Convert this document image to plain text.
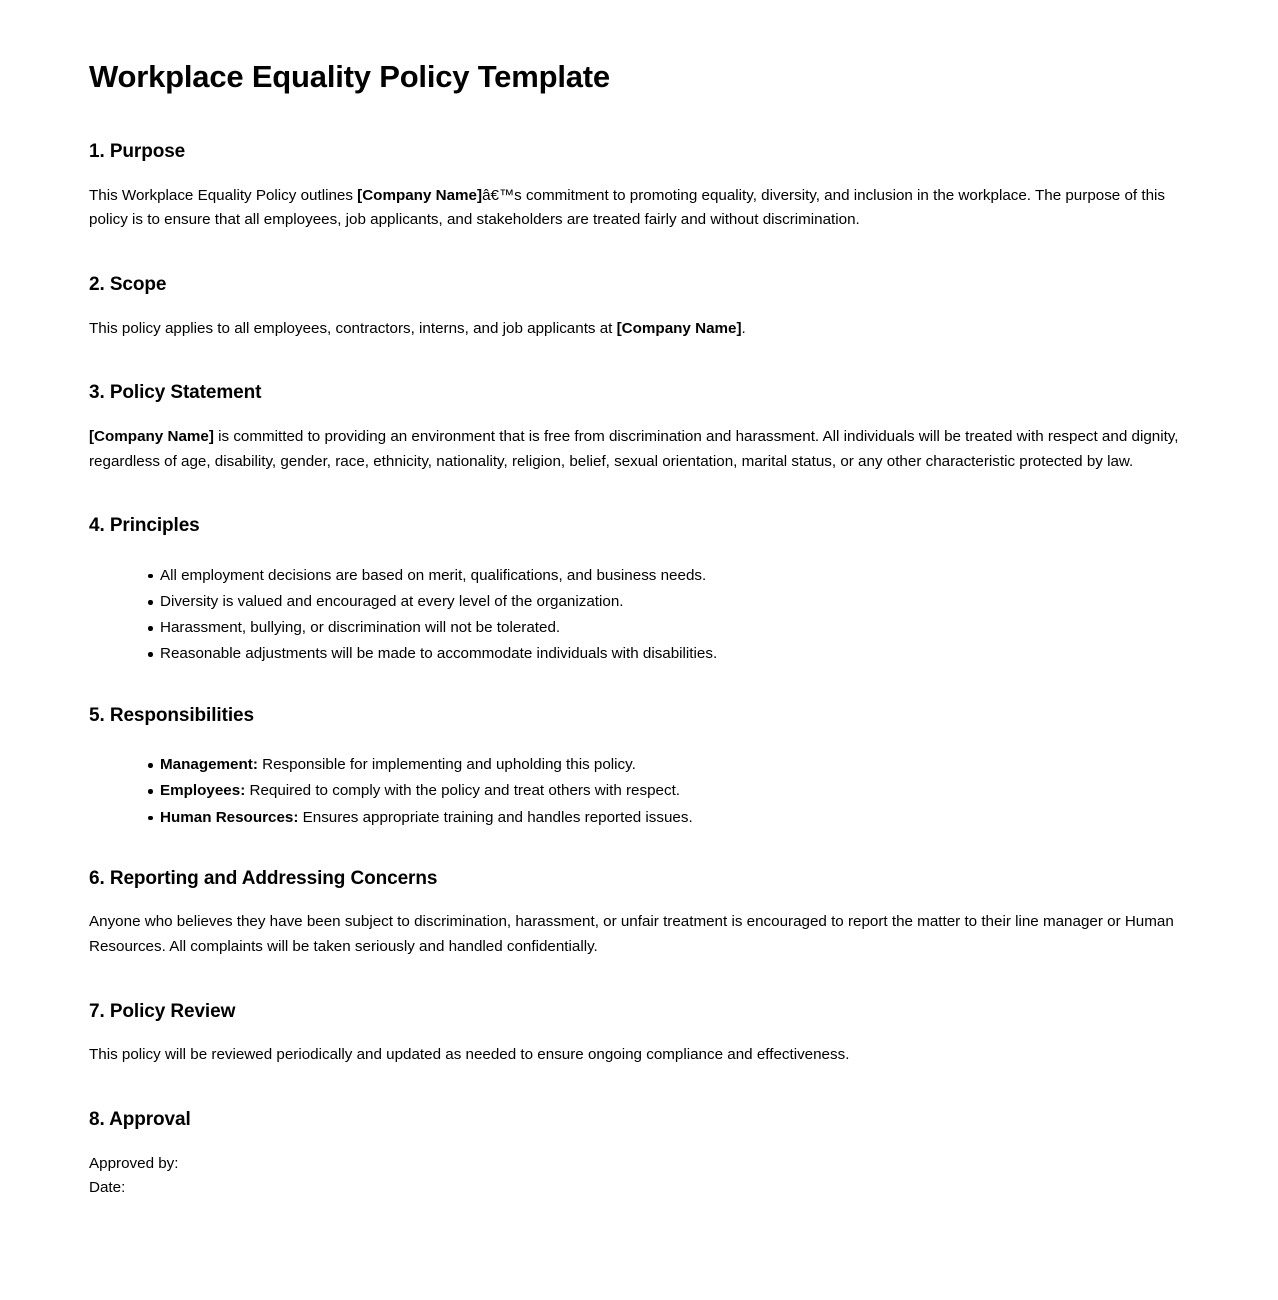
Workplace Equality Policy Template
1. Purpose

This Workplace Equality Policy outlines [Company Name]â€™s commitment to promoting equality, diversity, and inclusion in the workplace. The purpose of this policy is to ensure that all employees, job applicants, and stakeholders are treated fairly and without discrimination.

2. Scope

This policy applies to all employees, contractors, interns, and job applicants at [Company Name].

3. Policy Statement

[Company Name] is committed to providing an environment that is free from discrimination and harassment. All individuals will be treated with respect and dignity, regardless of age, disability, gender, race, ethnicity, nationality, religion, belief, sexual orientation, marital status, or any other characteristic protected by law.

4. Principles
All employment decisions are based on merit, qualifications, and business needs.
Diversity is valued and encouraged at every level of the organization.
Harassment, bullying, or discrimination will not be tolerated.
Reasonable adjustments will be made to accommodate individuals with disabilities.
5. Responsibilities
Management: Responsible for implementing and upholding this policy.
Employees: Required to comply with the policy and treat others with respect.
Human Resources: Ensures appropriate training and handles reported issues.
6. Reporting and Addressing Concerns

Anyone who believes they have been subject to discrimination, harassment, or unfair treatment is encouraged to report the matter to their line manager or Human Resources. All complaints will be taken seriously and handled confidentially.

7. Policy Review

This policy will be reviewed periodically and updated as needed to ensure ongoing compliance and effectiveness.

8. Approval

Approved by:
Date:
